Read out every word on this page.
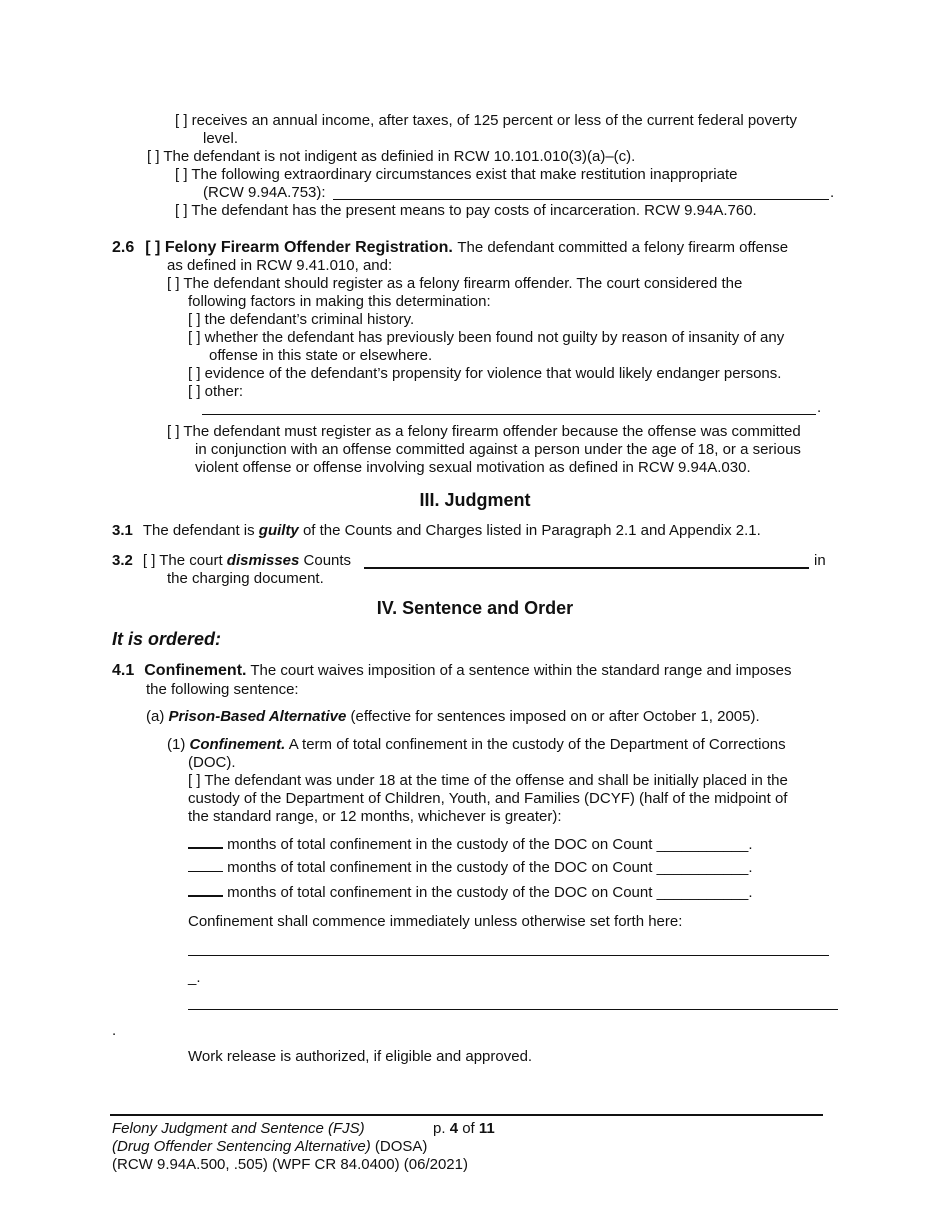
[ ] receives an annual income, after taxes, of 125 percent or less of the current federal poverty
level.
[ ] The defendant is not indigent as definied in RCW 10.101.010(3)(a)–(c).
[ ] The following extraordinary circumstances exist that make restitution inappropriate
(RCW 9.94A.753):	.
[ ] The defendant has the present means to pay costs of incarceration. RCW 9.94A.760.
2.6 [ ] Felony Firearm Offender Registration. The defendant committed a felony firearm offense
as defined in RCW 9.41.010, and:
[ ] The defendant should register as a felony firearm offender. The court considered the
following factors in making this determination:
[ ] the defendant’s criminal history.
[ ] whether the defendant has previously been found not guilty by reason of insanity of any
offense in this state or elsewhere.
[ ] evidence of the defendant’s propensity for violence that would likely endanger persons.
[ ] other:
.
[ ] The defendant must register as a felony firearm offender because the offense was committed
in conjunction with an offense committed against a person under the age of 18, or a serious
violent offense or offense involving sexual motivation as defined in RCW 9.94A.030.
III. Judgment
3.1 The defendant is guilty of the Counts and Charges listed in Paragraph 2.1 and Appendix 2.1.
3.2 [ ] The court dismisses Counts	in
the charging document.
IV. Sentence and Order
It is ordered:
4.1 Confinement. The court waives imposition of a sentence within the standard range and imposes
the following sentence:
(a) Prison-Based Alternative (effective for sentences imposed on or after October 1, 2005).
(1) Confinement. A term of total confinement in the custody of the Department of Corrections
(DOC).
[ ] The defendant was under 18 at the time of the offense and shall be initially placed in the
custody of the Department of Children, Youth, and Families (DCYF) (half of the midpoint of
the standard range, or 12 months, whichever is greater):
months of total confinement in the custody of the DOC on Count ___________.
months of total confinement in the custody of the DOC on Count ___________.
months of total confinement in the custody of the DOC on Count ___________.
Confinement shall commence immediately unless otherwise set forth here:
_.
.
Work release is authorized, if eligible and approved.
Felony Judgment and Sentence (FJS)	p. 4 of 11
(Drug Offender Sentencing Alternative) (DOSA)
(RCW 9.94A.500, .505) (WPF CR 84.0400) (06/2021)
